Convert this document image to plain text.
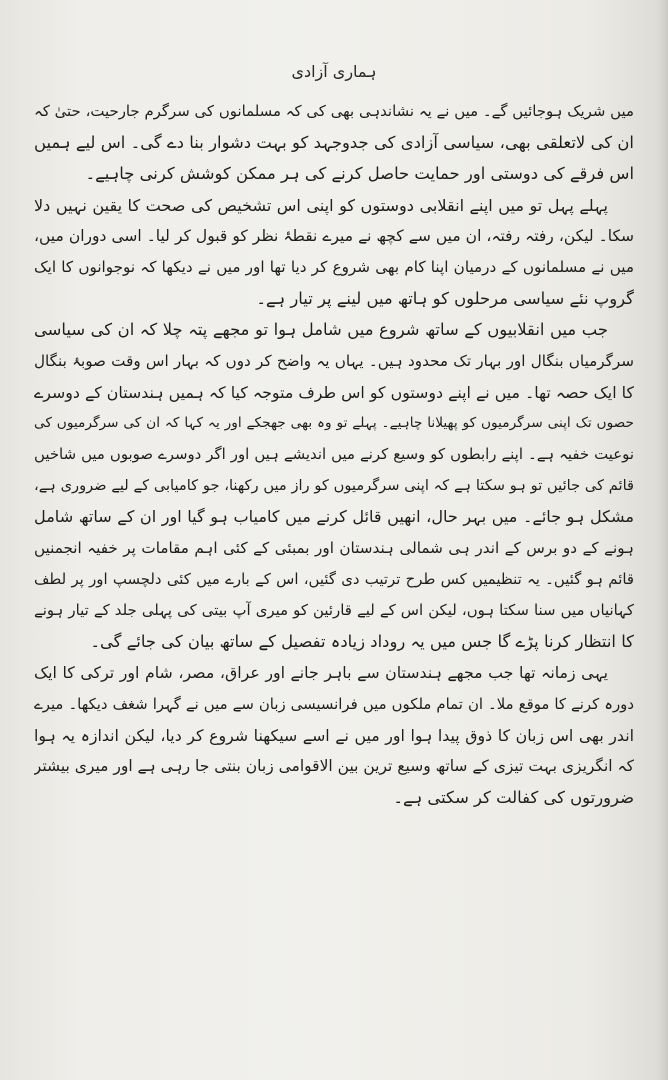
ہماری آزادی
میں شریک ہوجائیں گے۔ میں نے یہ نشاندہی بھی کی کہ مسلمانوں کی سرگرم جارحیت، حتیٰ کہ
ان کی لاتعلقی بھی، سیاسی آزادی کی جدوجہد کو بہت دشوار بنا دے گی۔ اس لیے ہمیں
اس فرقے کی دوستی اور حمایت حاصل کرنے کی ہر ممکن کوشش کرنی چاہیے۔
پہلے پہل تو میں اپنے انقلابی دوستوں کو اپنی اس تشخیص کی صحت کا یقین نہیں دلا
سکا۔ لیکن، رفتہ رفتہ، ان میں سے کچھ نے میرے نقطۂ نظر کو قبول کر لیا۔ اسی دوران میں،
میں نے مسلمانوں کے درمیان اپنا کام بھی شروع کر دیا تھا اور میں نے دیکھا کہ نوجوانوں کا ایک
گروپ نئے سیاسی مرحلوں کو ہاتھ میں لینے پر تیار ہے۔
جب میں انقلابیوں کے ساتھ شروع میں شامل ہوا تو مجھے پتہ چلا کہ ان کی سیاسی
سرگرمیاں بنگال اور بہار تک محدود ہیں۔ یہاں یہ واضح کر دوں کہ بہار اس وقت صوبۂ بنگال
کا ایک حصہ تھا۔ میں نے اپنے دوستوں کو اس طرف متوجہ کیا کہ ہمیں ہندستان کے دوسرے
حصوں تک اپنی سرگرمیوں کو پھیلانا چاہیے۔ پہلے تو وہ بھی جھجکے اور یہ کہا کہ ان کی سرگرمیوں کی
نوعیت خفیہ ہے۔ اپنے رابطوں کو وسیع کرنے میں اندیشے ہیں اور اگر دوسرے صوبوں میں شاخیں
قائم کی جائیں تو ہو سکتا ہے کہ اپنی سرگرمیوں کو راز میں رکھنا، جو کامیابی کے لیے ضروری ہے،
مشکل ہو جائے۔ میں بہر حال، انھیں قائل کرنے میں کامیاب ہو گیا اور ان کے ساتھ شامل
ہونے کے دو برس کے اندر ہی شمالی ہندستان اور بمبئی کے کئی اہم مقامات پر خفیہ انجمنیں
قائم ہو گئیں۔ یہ تنظیمیں کس طرح ترتیب دی گئیں، اس کے بارے میں کئی دلچسپ اور پر لطف
کہانیاں میں سنا سکتا ہوں، لیکن اس کے لیے قارئین کو میری آپ بیتی کی پہلی جلد کے تیار ہونے
کا انتظار کرنا پڑے گا جس میں یہ روداد زیادہ تفصیل کے ساتھ بیان کی جائے گی۔
یہی زمانہ تھا جب مجھے ہندستان سے باہر جانے اور عراق، مصر، شام اور ترکی کا ایک
دورہ کرنے کا موقع ملا۔ ان تمام ملکوں میں فرانسیسی زبان سے میں نے گہرا شغف دیکھا۔ میرے
اندر بھی اس زبان کا ذوق پیدا ہوا اور میں نے اسے سیکھنا شروع کر دیا، لیکن اندازہ یہ ہوا
کہ انگریزی بہت تیزی کے ساتھ وسیع ترین بین الاقوامی زبان بنتی جا رہی ہے اور میری بیشتر
ضرورتوں کی کفالت کر سکتی ہے۔
